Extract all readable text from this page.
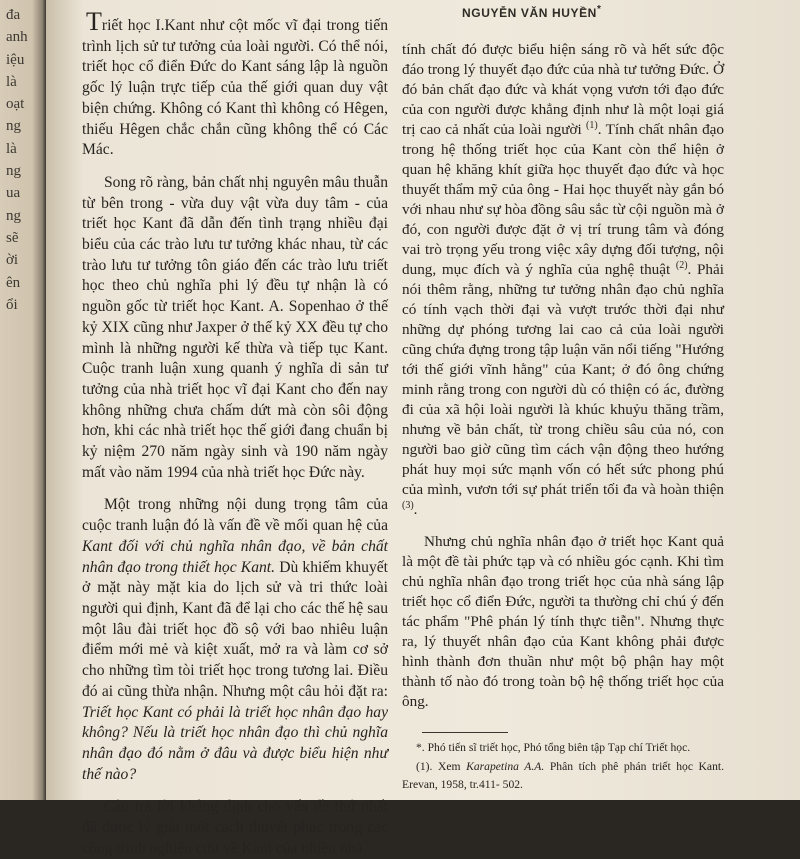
đa
anh
iệu
là
oạt
ng
là
ng
ua
ng
sẽ
ời
ên
ổi

NGUYỄN VĂN HUYỀN*

Triết học I.Kant như cột mốc vĩ đại trong tiến trình lịch sử tư tưởng của loài người. Có thể nói, triết học cổ điển Đức do Kant sáng lập là nguồn gốc lý luận trực tiếp của thế giới quan duy vật biện chứng. Không có Kant thì không có Hêgen, thiếu Hêgen chắc chắn cũng không thể có Các Mác.

Song rõ ràng, bản chất nhị nguyên mâu thuẫn từ bên trong - vừa duy vật vừa duy tâm - của triết học Kant đã dẫn đến tình trạng nhiều đại biểu của các trào lưu tư tưởng khác nhau, từ các trào lưu tư tưởng tôn giáo đến các trào lưu triết học theo chủ nghĩa phi lý đều tự nhận là có nguồn gốc từ triết học Kant. A. Sopenhao ở thế kỷ XIX cũng như Jaxper ở thế kỷ XX đều tự cho mình là những người kế thừa và tiếp tục Kant. Cuộc tranh luận xung quanh ý nghĩa di sản tư tưởng của nhà triết học vĩ đại Kant cho đến nay không những chưa chấm dứt mà còn sôi động hơn, khi các nhà triết học thế giới đang chuẩn bị kỷ niệm 270 năm ngày sinh và 190 năm ngày mất vào năm 1994 của nhà triết học Đức này.

Một trong những nội dung trọng tâm của cuộc tranh luận đó là vấn đề về mối quan hệ của Kant đối với chủ nghĩa nhân đạo, về bản chất nhân đạo trong thiết học Kant. Dù khiếm khuyết ở mặt này mặt kia do lịch sử và tri thức loài người qui định, Kant đã để lại cho các thế hệ sau một lâu đài triết học đồ sộ với bao nhiêu luận điểm mới mẻ và kiệt xuất, mở ra và làm cơ sở cho những tìm tòi triết học trong tương lai. Điều đó ai cũng thừa nhận. Nhưng một câu hỏi đặt ra: Triết học Kant có phải là triết học nhân đạo hay không? Nếu là triết học nhân đạo thì chủ nghĩa nhân đạo đó nằm ở đâu và được biểu hiện như thế nào?

Câu trả lời khẳng định cho vấn đề thứ nhất đã được lý giải một cách thuyết phục trong các công trình nghiên cứu về Kant của nhiều nhà

tính chất đó được biểu hiện sáng rõ và hết sức độc đáo trong lý thuyết đạo đức của nhà tư tưởng Đức. Ở đó bản chất đạo đức và khát vọng vươn tới đạo đức của con người được khẳng định như là một loại giá trị cao cả nhất của loài người $^{(1)}$. Tính chất nhân đạo trong hệ thống triết học của Kant còn thể hiện ở quan hệ khăng khít giữa học thuyết đạo đức và học thuyết thẩm mỹ của ông - Hai học thuyết này gắn bó với nhau như sự hòa đồng sâu sắc từ cội nguồn mà ở đó, con người được đặt ở vị trí trung tâm và đóng vai trò trọng yếu trong việc xây dựng đối tượng, nội dung, mục đích và ý nghĩa của nghệ thuật $^{(2)}$. Phải nói thêm rằng, những tư tưởng nhân đạo chủ nghĩa có tính vạch thời đại và vượt trước thời đại như những dự phóng tương lai cao cả của loài người cũng chứa đựng trong tập luận văn nổi tiếng "Hướng tới thế giới vĩnh hằng" của Kant; ở đó ông chứng minh rằng trong con người dù có thiện có ác, đường đi của xã hội loài người là khúc khuỷu thăng trầm, nhưng về bản chất, từ trong chiều sâu của nó, con người bao giờ cũng tìm cách vận động theo hướng phát huy mọi sức mạnh vốn có hết sức phong phú của mình, vươn tới sự phát triển tối đa và hoàn thiện $^{(3)}$.

Nhưng chủ nghĩa nhân đạo ở triết học Kant quả là một đề tài phức tạp và có nhiều góc cạnh. Khi tìm chủ nghĩa nhân đạo trong triết học của nhà sáng lập triết học cổ điển Đức, người ta thường chỉ chú ý đến tác phẩm "Phê phán lý tính thực tiễn". Nhưng thực ra, lý thuyết nhân đạo của Kant không phải được hình thành đơn thuần như một bộ phận hay một thành tố nào đó trong toàn bộ hệ thống triết học của ông.

*. Phó tiến sĩ triết học, Phó tổng biên tập Tạp chí Triết học.

(1). Xem Karapetina A.A. Phân tích phê phán triết học Kant. Erevan, 1958, tr.411- 502.
